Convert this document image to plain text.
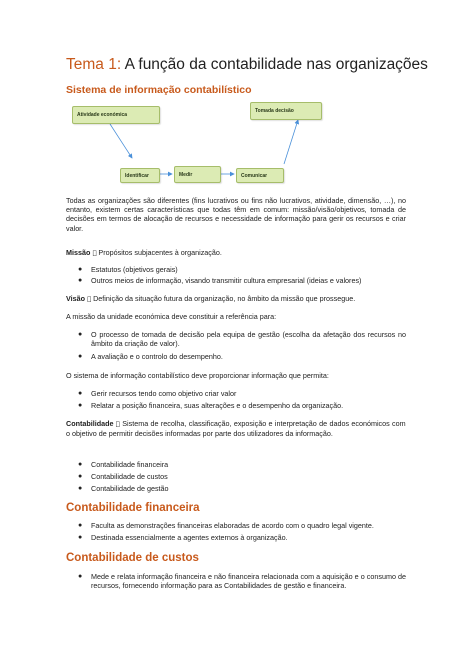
Tema 1: A função da contabilidade nas organizações
Sistema de informação contabilístico
Atividade económica
Tomada decisão
Identificar	Medir	Comunicar
Todas as organizações são diferentes (fins lucrativos ou fins não lucrativos, atividade, dimensão, …), no entanto, existem certas características que todas têm em comum: missão/visão/objetivos, tomada de decisões em termos de alocação de recursos e necessidade de informação para gerir os recursos e criar valor.
Missão ⃞ Propósitos subjacentes à organização.
● Estatutos (objetivos gerais)
● Outros meios de informação, visando transmitir cultura empresarial (ideias e valores)
Visão ⃞ Definição da situação futura da organização, no âmbito da missão que prossegue.
A missão da unidade económica deve constituir a referência para:
● O processo de tomada de decisão pela equipa de gestão (escolha da afetação dos recursos no âmbito da criação de valor).
● A avaliação e o controlo do desempenho.
O sistema de informação contabilístico deve proporcionar informação que permita:
● Gerir recursos tendo como objetivo criar valor
● Relatar a posição financeira, suas alterações e o desempenho da organização.
Contabilidade ⃞ Sistema de recolha, classificação, exposição e interpretação de dados económicos com o objetivo de permitir decisões informadas por parte dos utilizadores da informação.
● Contabilidade financeira
● Contabilidade de custos
● Contabilidade de gestão
Contabilidade financeira
● Faculta as demonstrações financeiras elaboradas de acordo com o quadro legal vigente.
● Destinada essencialmente a agentes externos à organização.
Contabilidade de custos
● Mede e relata informação financeira e não financeira relacionada com a aquisição e o consumo de recursos, fornecendo informação para as Contabilidades de gestão e financeira.
